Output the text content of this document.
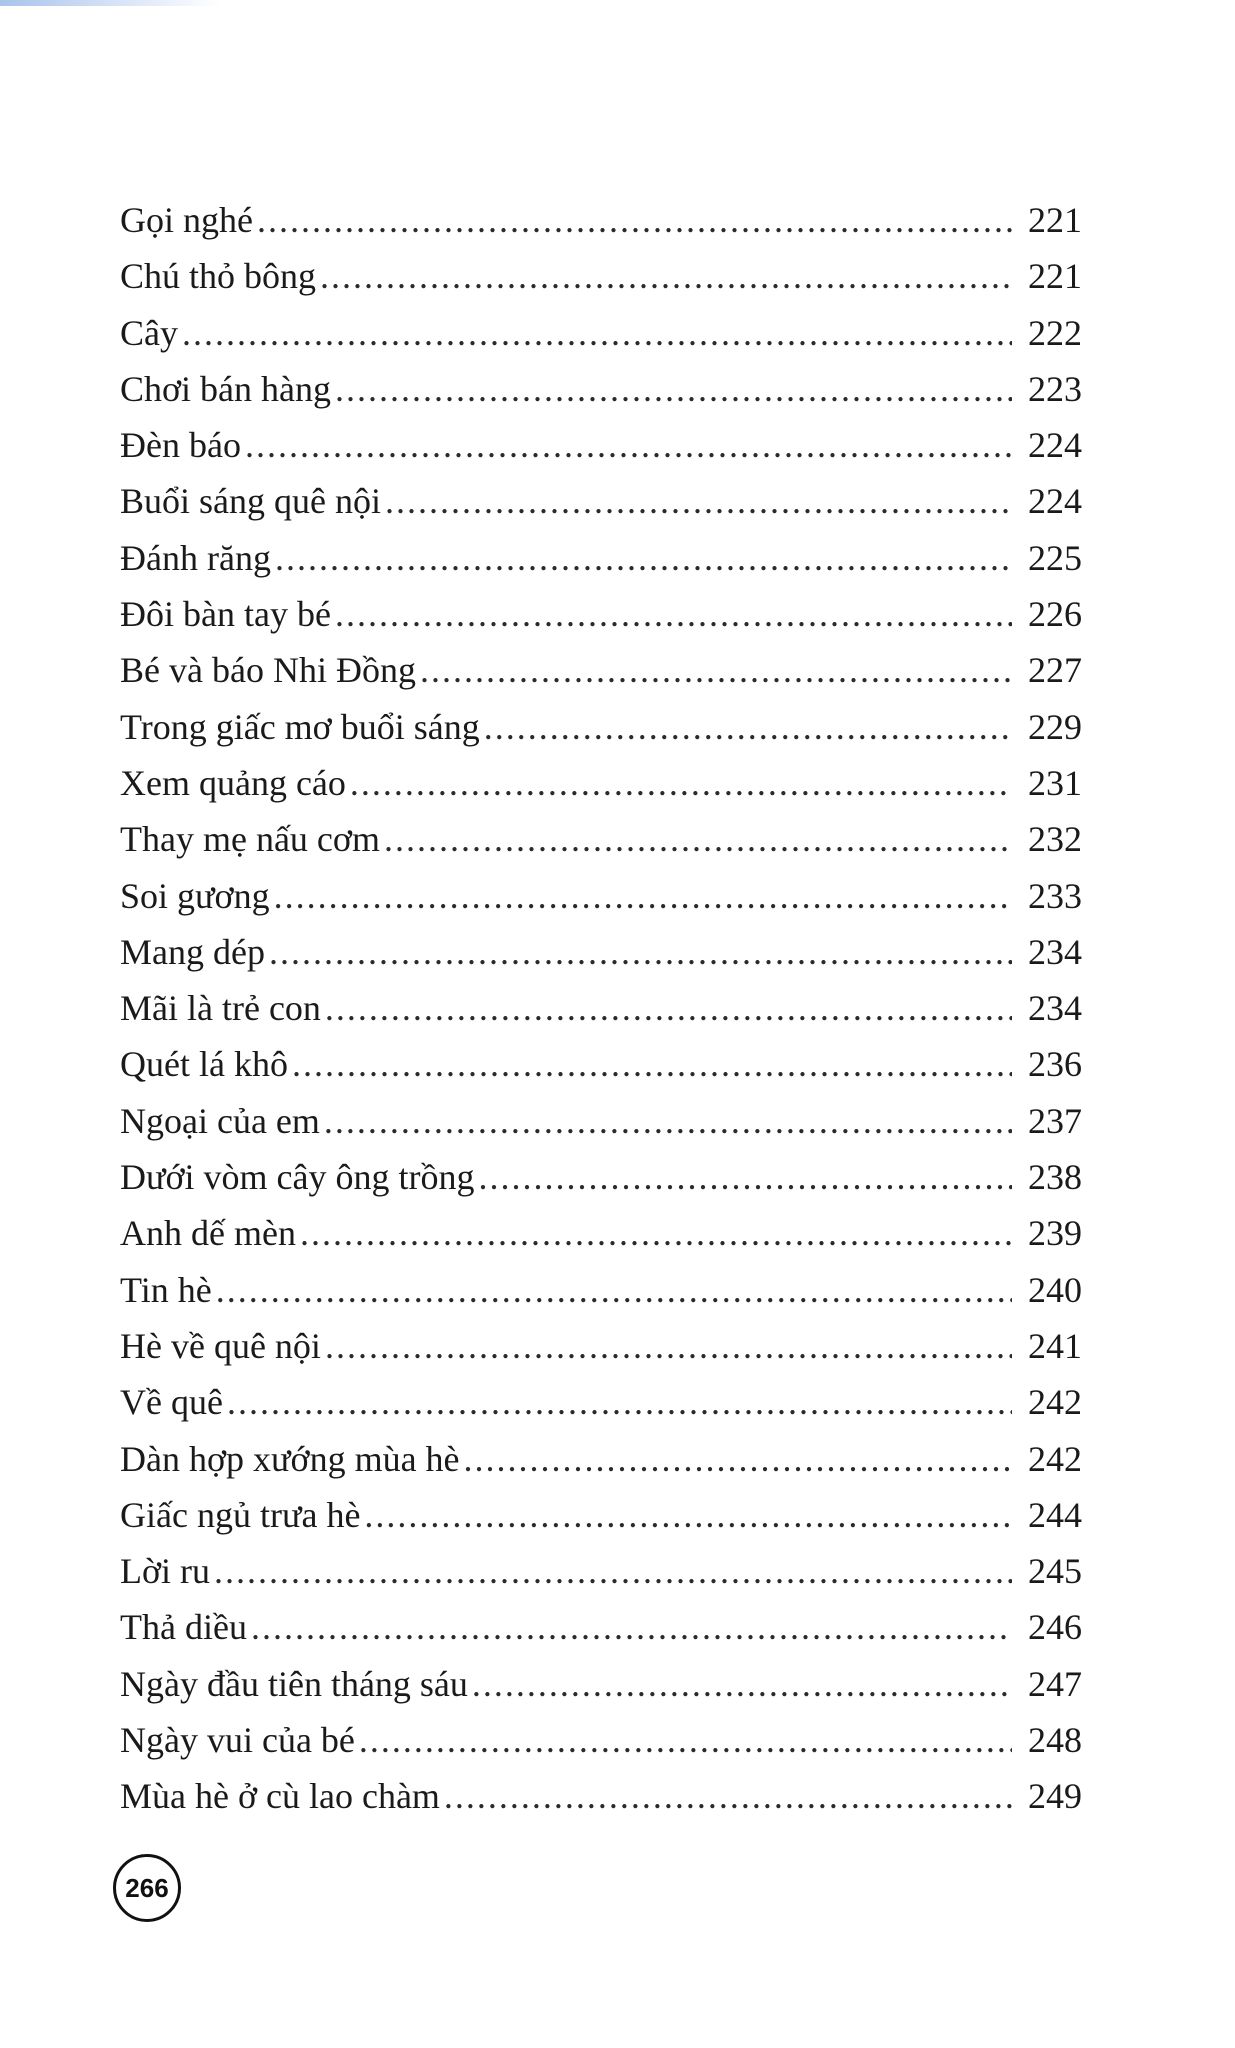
Gọi nghé .....	221
Chú thỏ bông .....	221
Cây .....	222
Chơi bán hàng .....	223
Đèn báo .....	224
Buổi sáng quê nội .....	224
Đánh răng .....	225
Đôi bàn tay bé .....	226
Bé và báo Nhi Đồng .....	227
Trong giấc mơ buổi sáng .....	229
Xem quảng cáo .....	231
Thay mẹ nấu cơm .....	232
Soi gương .....	233
Mang dép .....	234
Mãi là trẻ con .....	234
Quét lá khô .....	236
Ngoại của em .....	237
Dưới vòm cây ông trồng .....	238
Anh dế mèn .....	239
Tin hè .....	240
Hè về quê nội .....	241
Về quê .....	242
Dàn hợp xướng mùa hè .....	242
Giấc ngủ trưa hè .....	244
Lời ru .....	245
Thả diều .....	246
Ngày đầu tiên tháng sáu .....	247
Ngày vui của bé .....	248
Mùa hè ở cù lao chàm .....	249
266
